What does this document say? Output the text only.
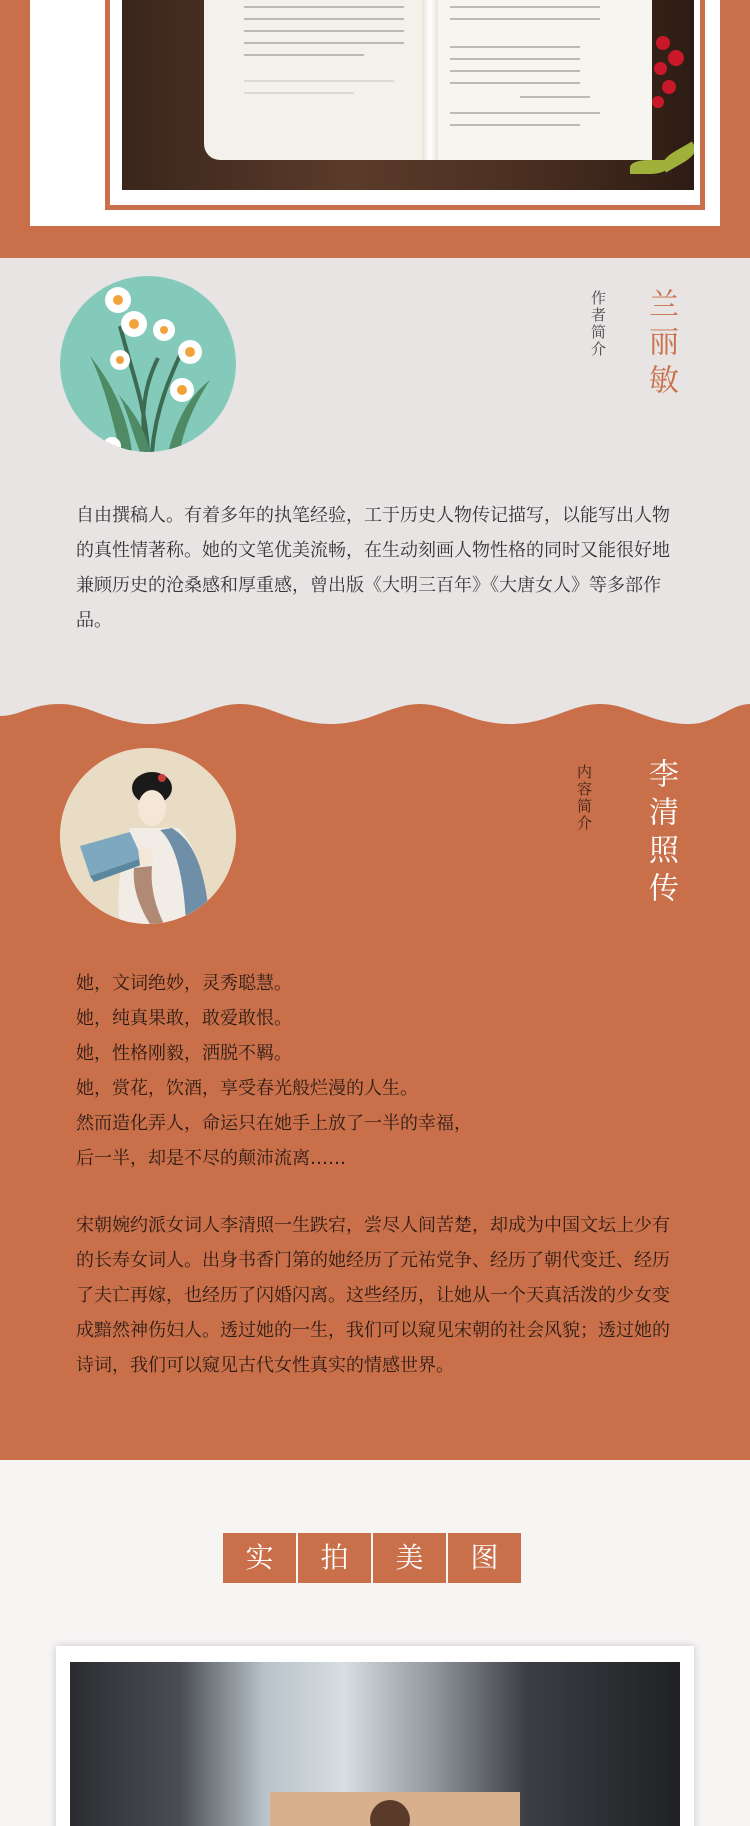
作者简介 兰丽敏

自由撰稿人。有着多年的执笔经验，工于历史人物传记描写，以能写出人物的真性情著称。她的文笔优美流畅，在生动刻画人物性格的同时又能很好地兼顾历史的沧桑感和厚重感，曾出版《大明三百年》《大唐女人》等多部作品。

内容简介 李清照传
她，文词绝妙，灵秀聪慧。
她，纯真果敢，敢爱敢恨。
她，性格刚毅，洒脱不羁。
她，赏花，饮酒，享受春光般烂漫的人生。
然而造化弄人，命运只在她手上放了一半的幸福，
后一半，却是不尽的颠沛流离……

宋朝婉约派女词人李清照一生跌宕，尝尽人间苦楚，却成为中国文坛上少有的长寿女词人。出身书香门第的她经历了元祐党争、经历了朝代变迁、经历了夫亡再嫁，也经历了闪婚闪离。这些经历，让她从一个天真活泼的少女变成黯然神伤妇人。透过她的一生，我们可以窥见宋朝的社会风貌；透过她的诗词，我们可以窥见古代女性真实的情感世界。

实	拍	美	图
